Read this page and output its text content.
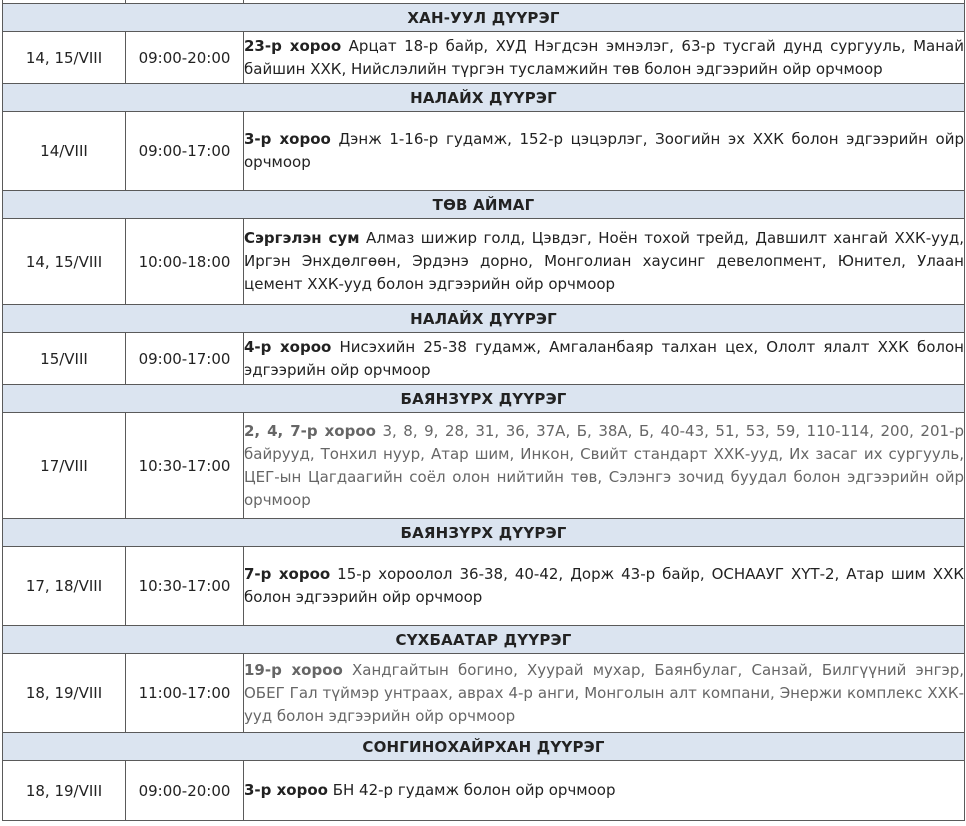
ХАН-УУЛ ДҮҮРЭГ		
14, 15/VIII	09:00-20:00	23-р хороо Арцат 18-р байр, ХУД Нэгдсэн эмнэлэг, 63-р тусгай дунд сургууль, Манай байшин ХХК, Нийслэлийн түргэн тусламжийн төв болон эдгээрийн ойр орчмоор
НАЛАЙХ ДҮҮРЭГ		
14/VIII	09:00-17:00	3-р хороо Дэнж 1-16-р гудамж, 152-р цэцэрлэг, Зоогийн эх ХХК болон эдгээрийн ойр орчмоор
ТӨВ АЙМАГ		
14, 15/VIII	10:00-18:00	Сэргэлэн сум Алмаз шижир голд, Цэвдэг, Ноён тохой трейд, Давшилт хангай ХХК-ууд, Иргэн Энхдөлгөөн, Эрдэнэ дорно, Монголиан хаусинг девелопмент, Юнител, Улаан цемент ХХК-ууд болон эдгээрийн ойр орчмоор
НАЛАЙХ ДҮҮРЭГ		
15/VIII	09:00-17:00	4-р хороо Нисэхийн 25-38 гудамж, Амгаланбаяр талхан цех, Ололт ялалт ХХК болон эдгээрийн ойр орчмоор
БАЯНЗҮРХ ДҮҮРЭГ		
17/VIII	10:30-17:00	2, 4, 7-р хороо 3, 8, 9, 28, 31, 36, 37А, Б, 38А, Б, 40-43, 51, 53, 59, 110-114, 200, 201-р байрууд, Тонхил нуур, Атар шим, Инкон, Свийт стандарт ХХК-ууд, Их засаг их сургууль, ЦЕГ-ын Цагдаагийн соёл олон нийтийн төв, Сэлэнгэ зочид буудал болон эдгээрийн ойр орчмоор
БАЯНЗҮРХ ДҮҮРЭГ		
17, 18/VIII	10:30-17:00	7-р хороо 15-р хороолол 36-38, 40-42, Дорж 43-р байр, ОСНААУГ ХҮТ-2, Атар шим ХХК болон эдгээрийн ойр орчмоор
СҮХБААТАР ДҮҮРЭГ		
18, 19/VIII	11:00-17:00	19-р хороо Хандгайтын богино, Хуурай мухар, Баянбулаг, Санзай, Билгүүний энгэр, ОБЕГ Гал түймэр унтраах, аврах 4-р анги, Монголын алт компани, Энержи комплекс ХХК-ууд болон эдгээрийн ойр орчмоор
СОНГИНОХАЙРХАН ДҮҮРЭГ		
18, 19/VIII	09:00-20:00	3-р хороо БН 42-р гудамж болон ойр орчмоор
